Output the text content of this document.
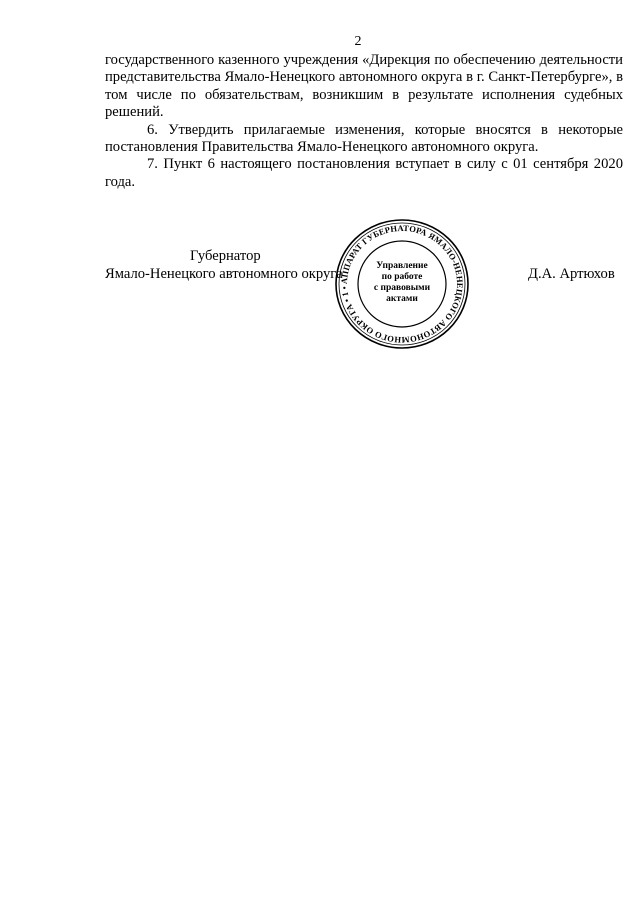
2

государственного казенного учреждения «Дирекция по обеспечению деятельности представительства Ямало-Ненецкого автономного округа в г. Санкт-Петербурге», в том числе по обязательствам, возникшим в результате исполнения судебных решений.

6. Утвердить прилагаемые изменения, которые вносятся в некоторые постановления Правительства Ямало-Ненецкого автономного округа.

7. Пункт 6 настоящего постановления вступает в силу с 01 сентября 2020 года.

Губернатор
Ямало-Ненецкого автономного округа	Д.А. Артюхов
АППАРАТ ГУБЕРНАТОРА ЯМАЛО-НЕНЕЦКОГО АВТОНОМНОГО ОКРУГА • 1 •
Управление
по работе
с правовыми
актами
